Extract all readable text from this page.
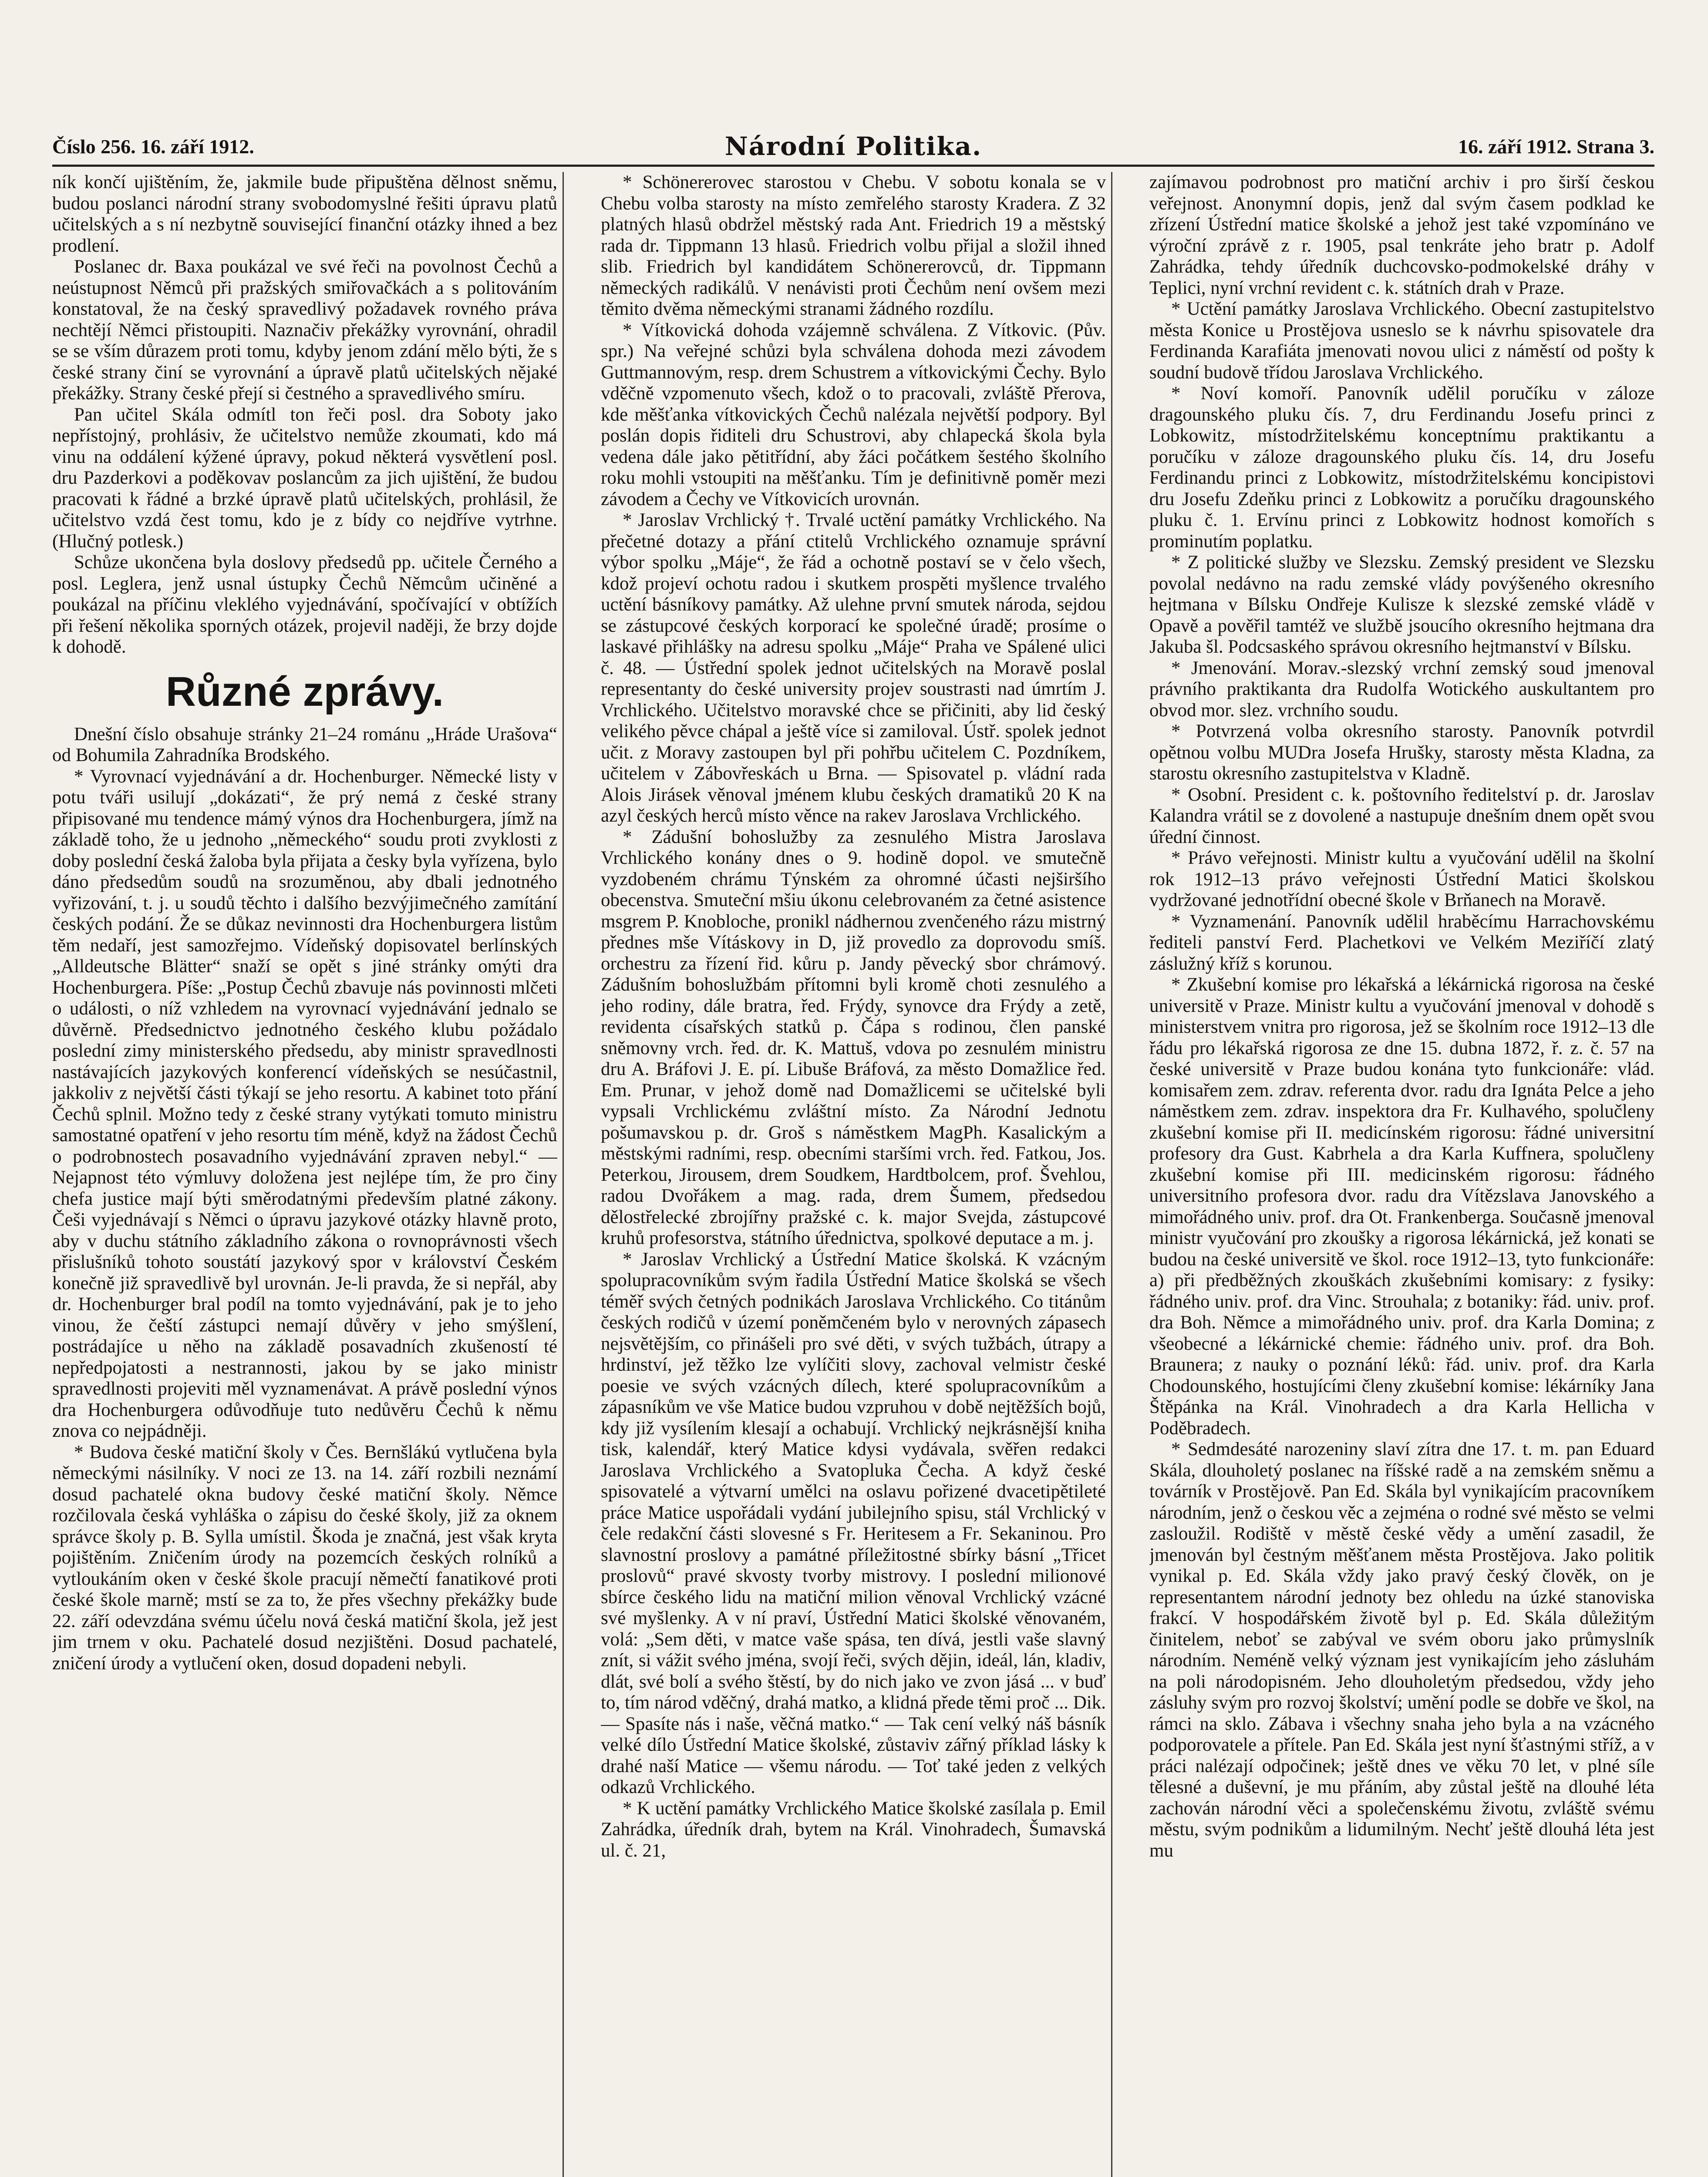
Číslo 256. 16. září 1912.	Národní Politika.	16. září 1912. Strana 3.

ník končí ujištěním, že, jakmile bude připuštěna dělnost sněmu, budou poslanci národní strany svobodomyslné řešiti úpravu platů učitelských a s ní nezbytně související finanční otázky ihned a bez prodlení.

Poslanec dr. Baxa poukázal ve své řeči na povolnost Čechů a neústupnost Němců při pražských smiřovačkách a s politováním konstatoval, že na český spravedlivý požadavek rovného práva nechtějí Němci přistoupiti. Naznačiv překážky vyrovnání, ohradil se se vším důrazem proti tomu, kdyby jenom zdání mělo býti, že s české strany činí se vyrovnání a úpravě platů učitelských nějaké překážky. Strany české přejí si čestného a spravedlivého smíru.

Pan učitel Skála odmítl ton řeči posl. dra Soboty jako nepřístojný, prohlásiv, že učitelstvo nemůže zkoumati, kdo má vinu na oddálení kýžené úpravy, pokud některá vysvětlení posl. dru Pazderkovi a poděkovav poslancům za jich ujištění, že budou pracovati k řádné a brzké úpravě platů učitelských, prohlásil, že učitelstvo vzdá čest tomu, kdo je z bídy co nejdříve vytrhne. (Hlučný potlesk.)

Schůze ukončena byla doslovy předsedů pp. učitele Černého a posl. Leglera, jenž usnal ústupky Čechů Němcům učiněné a poukázal na příčinu vleklého vyjednávání, spočívající v obtížích při řešení několika sporných otázek, projevil naději, že brzy dojde k dohodě.

Různé zprávy.

Dnešní číslo obsahuje stránky 21–24 románu „Hráde Urašova“ od Bohumila Zahradníka Brodského.

* Vyrovnací vyjednávání a dr. Hochenburger. Německé listy v potu tváři usilují „dokázati“, že prý nemá z české strany připisované mu tendence mámý výnos dra Hochenburgera, jímž na základě toho, že u jednoho „německého“ soudu proti zvyklosti z doby poslední česká žaloba byla přijata a česky byla vyřízena, bylo dáno předsedům soudů na srozuměnou, aby dbali jednotného vyřizování, t. j. u soudů těchto i dalšího bezvýjimečného zamítání českých podání. Že se důkaz nevinnosti dra Hochenburgera listům těm nedaří, jest samozřejmo. Vídeňský dopisovatel berlínských „Alldeutsche Blätter“ snaží se opět s jiné stránky omýti dra Hochenburgera. Píše: „Postup Čechů zbavuje nás povinnosti mlčeti o události, o níž vzhledem na vyrovnací vyjednávání jednalo se důvěrně. Předsednictvo jednotného českého klubu požádalo poslední zimy ministerského předsedu, aby ministr spravedlnosti nastávajících jazykových konferencí vídeňských se nesúčastnil, jakkoliv z největší části týkají se jeho resortu. A kabinet toto přání Čechů splnil. Možno tedy z české strany vytýkati tomuto ministru samostatné opatření v jeho resortu tím méně, když na žádost Čechů o podrobnostech posavadního vyjednávání zpraven nebyl.“ — Nejapnost této výmluvy doložena jest nejlépe tím, že pro činy chefa justice mají býti směrodatnými především platné zákony. Češi vyjednávají s Němci o úpravu jazykové otázky hlavně proto, aby v duchu státního základního zákona o rovnoprávnosti všech přislušníků tohoto soustátí jazykový spor v království Českém konečně již spravedlivě byl urovnán. Je-li pravda, že si nepřál, aby dr. Hochenburger bral podíl na tomto vyjednávání, pak je to jeho vinou, že čeští zástupci nemají důvěry v jeho smýšlení, postrádajíce u něho na základě posavadních zkušeností té nepředpojatosti a nestrannosti, jakou by se jako ministr spravedlnosti projeviti měl vyznamenávat. A právě poslední výnos dra Hochenburgera odůvodňuje tuto nedůvěru Čechů k němu znova co nejpádněji.

* Budova české matiční školy v Čes. Bernšlákú vytlučena byla německými násilníky. V noci ze 13. na 14. září rozbili neznámí dosud pachatelé okna budovy české matiční školy. Němce rozčilovala česká vyhláška o zápisu do české školy, již za oknem správce školy p. B. Sylla umístil. Škoda je značná, jest však kryta pojištěním. Zničením úrody na pozemcích českých rolníků a vytloukáním oken v české škole pracují němečtí fanatikové proti české škole marně; mstí se za to, že přes všechny překážky bude 22. září odevzdána svému účelu nová česká matiční škola, jež jest jim trnem v oku. Pachatelé dosud nezjištěni. Dosud pachatelé, zničení úrody a vytlučení oken, dosud dopadeni nebyli.

* Schönererovec starostou v Chebu. V sobotu konala se v Chebu volba starosty na místo zemřelého starosty Kradera. Z 32 platných hlasů obdržel městský rada Ant. Friedrich 19 a městský rada dr. Tippmann 13 hlasů. Friedrich volbu přijal a složil ihned slib. Friedrich byl kandidátem Schönererovců, dr. Tippmann německých radikálů. V nenávisti proti Čechům není ovšem mezi těmito dvěma německými stranami žádného rozdílu.

* Vítkovická dohoda vzájemně schválena. Z Vítkovic. (Pův. spr.) Na veřejné schůzi byla schválena dohoda mezi závodem Guttmannovým, resp. drem Schustrem a vítkovickými Čechy. Bylo vděčně vzpomenuto všech, kdož o to pracovali, zvláště Přerova, kde měšťanka vítkovických Čechů nalézala největší podpory. Byl poslán dopis řiditeli dru Schustrovi, aby chlapecká škola byla vedena dále jako pětitřídní, aby žáci počátkem šestého školního roku mohli vstoupiti na měšťanku. Tím je definitivně poměr mezi závodem a Čechy ve Vítkovicích urovnán.

* Jaroslav Vrchlický †. Trvalé uctění památky Vrchlického. Na přečetné dotazy a přání ctitelů Vrchlického oznamuje správní výbor spolku „Máje“, že řád a ochotně postaví se v čelo všech, kdož projeví ochotu radou i skutkem prospěti myšlence trvalého uctění básníkovy památky. Až ulehne první smutek národa, sejdou se zástupcové českých korporací ke společné úradě; prosíme o laskavé přihlášky na adresu spolku „Máje“ Praha ve Spálené ulici č. 48. — Ústřední spolek jednot učitelských na Moravě poslal representanty do české university projev soustrasti nad úmrtím J. Vrchlického. Učitelstvo moravské chce se přičiniti, aby lid český velikého pěvce chápal a ještě více si zamiloval. Ústř. spolek jednot učit. z Moravy zastoupen byl při pohřbu učitelem C. Pozdníkem, učitelem v Zábovřeskách u Brna. — Spisovatel p. vládní rada Alois Jirásek věnoval jménem klubu českých dramatiků 20 K na azyl českých herců místo věnce na rakev Jaroslava Vrchlického.

* Zádušní bohoslužby za zesnulého Mistra Jaroslava Vrchlického konány dnes o 9. hodině dopol. ve smutečně vyzdobeném chrámu Týnském za ohromné účasti nejširšího obecenstva. Smuteční mšiu úkonu celebrovaném za četné asistence msgrem P. Knobloche, pronikl nádhernou zvenčeného rázu mistrný přednes mše Vításkovy in D, již provedlo za doprovodu smíš. orchestru za řízení řid. kůru p. Jandy pěvecký sbor chrámový. Zádušním bohoslužbám přítomni byli kromě choti zesnulého a jeho rodiny, dále bratra, řed. Frýdy, synovce dra Frýdy a zetě, revidenta císařských statků p. Čápa s rodinou, člen panské sněmovny vrch. řed. dr. K. Mattuš, vdova po zesnulém ministru dru A. Bráfovi J. E. pí. Libuše Bráfová, za město Domažlice řed. Em. Prunar, v jehož domě nad Domažlicemi se učitelské byli vypsali Vrchlickému zvláštní místo. Za Národní Jednotu pošumavskou p. dr. Groš s náměstkem MagPh. Kasalickým a městskými radními, resp. obecními staršími vrch. řed. Fatkou, Jos. Peterkou, Jirousem, drem Soudkem, Hardtbolcem, prof. Švehlou, radou Dvořákem a mag. rada, drem Šumem, předsedou dělostřelecké zbrojířny pražské c. k. major Svejda, zástupcové kruhů profesorstva, státního úřednictva, spolkové deputace a m. j.

* Jaroslav Vrchlický a Ústřední Matice školská. K vzácným spolupracovníkům svým řadila Ústřední Matice školská se všech téměř svých četných podnikách Jaroslava Vrchlického. Co titánům českých rodičů v území poněmčeném bylo v nerovných zápasech nejsvětějším, co přinášeli pro své děti, v svých tužbách, útrapy a hrdinství, jež těžko lze vylíčiti slovy, zachoval velmistr české poesie ve svých vzácných dílech, které spolupracovníkům a zápasníkům ve vše Matice budou vzpruhou v době nejtěžších bojů, kdy již vysílením klesají a ochabují. Vrchlický nejkrásnější kniha tisk, kalendář, který Matice kdysi vydávala, svěřen redakci Jaroslava Vrchlického a Svatopluka Čecha. A když české spisovatelé a výtvarní umělci na oslavu pořizené dvacetipětileté práce Matice uspořádali vydání jubilejního spisu, stál Vrchlický v čele redakční části slovesné s Fr. Heritesem a Fr. Sekaninou. Pro slavnostní proslovy a památné příležitostné sbírky básní „Třicet proslovů“ pravé skvosty tvorby mistrovy. I poslední milionové sbírce českého lidu na matiční milion věnoval Vrchlický vzácné své myšlenky. A v ní praví, Ústřední Matici školské věnovaném, volá: „Sem děti, v matce vaše spása, ten dívá, jestli vaše slavný znít, si vážit svého jména, svojí řeči, svých dějin, ideál, lán, kladiv, dlát, své bolí a svého štěstí, by do nich jako ve zvon jásá ... v buď to, tím národ vděčný, drahá matko, a klidná přede těmi proč ... Dik. — Spasíte nás i naše, věčná matko.“ — Tak cení velký náš básník velké dílo Ústřední Matice školské, zůstaviv zářný příklad lásky k drahé naší Matice — všemu národu. — Toť také jeden z velkých odkazů Vrchlického.

* K uctění památky Vrchlického Matice školské zasílala p. Emil Zahrádka, úředník drah, bytem na Král. Vinohradech, Šumavská ul. č. 21,

zajímavou podrobnost pro matiční archiv i pro širší českou veřejnost. Anonymní dopis, jenž dal svým časem podklad ke zřízení Ústřední matice školské a jehož jest také vzpomínáno ve výroční zprávě z r. 1905, psal tenkráte jeho bratr p. Adolf Zahrádka, tehdy úředník duchcovsko-podmokelské dráhy v Teplici, nyní vrchní revident c. k. státních drah v Praze.

* Uctění památky Jaroslava Vrchlického. Obecní zastupitelstvo města Konice u Prostějova usneslo se k návrhu spisovatele dra Ferdinanda Karafiáta jmenovati novou ulici z náměstí od pošty k soudní budově třídou Jaroslava Vrchlického.

* Noví komoří. Panovník udělil poručíku v záloze dragounského pluku čís. 7, dru Ferdinandu Josefu princi z Lobkowitz, místodržitelskému konceptnímu praktikantu a poručíku v záloze dragounského pluku čís. 14, dru Josefu Ferdinandu princi z Lobkowitz, místodržitelskému koncipistovi dru Josefu Zdeňku princi z Lobkowitz a poručíku dragounského pluku č. 1. Ervínu princi z Lobkowitz hodnost komořích s prominutím poplatku.

* Z politické služby ve Slezsku. Zemský president ve Slezsku povolal nedávno na radu zemské vlády povýšeného okresního hejtmana v Bílsku Ondřeje Kulisze k slezské zemské vládě v Opavě a pověřil tamtéž ve službě jsoucího okresního hejtmana dra Jakuba šl. Podcsaského správou okresního hejtmanství v Bílsku.

* Jmenování. Morav.-slezský vrchní zemský soud jmenoval právního praktikanta dra Rudolfa Wotického auskultantem pro obvod mor. slez. vrchního soudu.

* Potvrzená volba okresního starosty. Panovník potvrdil opětnou volbu MUDra Josefa Hrušky, starosty města Kladna, za starostu okresního zastupitelstva v Kladně.

* Osobní. President c. k. poštovního ředitelství p. dr. Jaroslav Kalandra vrátil se z dovolené a nastupuje dnešním dnem opět svou úřední činnost.

* Právo veřejnosti. Ministr kultu a vyučování udělil na školní rok 1912–13 právo veřejnosti Ústřední Matici školskou vydržované jednotřídní obecné škole v Brňanech na Moravě.

* Vyznamenání. Panovník udělil hraběcímu Harrachovskému řediteli panství Ferd. Plachetkovi ve Velkém Meziříčí zlatý záslužný kříž s korunou.

* Zkušební komise pro lékařská a lékárnická rigorosa na české universitě v Praze. Ministr kultu a vyučování jmenoval v dohodě s ministerstvem vnitra pro rigorosa, jež se školním roce 1912–13 dle řádu pro lékařská rigorosa ze dne 15. dubna 1872, ř. z. č. 57 na české universitě v Praze budou konána tyto funkcionáře: vlád. komisařem zem. zdrav. referenta dvor. radu dra Ignáta Pelce a jeho náměstkem zem. zdrav. inspektora dra Fr. Kulhavého, spolučleny zkušební komise při II. medicínském rigorosu: řádné universitní profesory dra Gust. Kabrhela a dra Karla Kuffnera, spolučleny zkušební komise při III. medicinském rigorosu: řádného universitního profesora dvor. radu dra Vítězslava Janovského a mimořádného univ. prof. dra Ot. Frankenberga. Současně jmenoval ministr vyučování pro zkoušky a rigorosa lékárnická, jež konati se budou na české universitě ve škol. roce 1912–13, tyto funkcionáře: a) při předběžných zkouškách zkušebními komisary: z fysiky: řádného univ. prof. dra Vinc. Strouhala; z botaniky: řád. univ. prof. dra Boh. Němce a mimořádného univ. prof. dra Karla Domina; z všeobecné a lékárnické chemie: řádného univ. prof. dra Boh. Braunera; z nauky o poznání léků: řád. univ. prof. dra Karla Chodounského, hostujícími členy zkušební komise: lékárníky Jana Štěpánka na Král. Vinohradech a dra Karla Hellicha v Poděbradech.

* Sedmdesáté narozeniny slaví zítra dne 17. t. m. pan Eduard Skála, dlouholetý poslanec na říšské radě a na zemském sněmu a továrník v Prostějově. Pan Ed. Skála byl vynikajícím pracovníkem národním, jenž o českou věc a zejména o rodné své město se velmi zasloužil. Rodiště v městě české vědy a umění zasadil, že jmenován byl čestným měšťanem města Prostějova. Jako politik vynikal p. Ed. Skála vždy jako pravý český člověk, on je representantem národní jednoty bez ohledu na úzké stanoviska frakcí. V hospodářském životě byl p. Ed. Skála důležitým činitelem, neboť se zabýval ve svém oboru jako průmyslník národním. Neméně velký význam jest vynikajícím jeho zásluhám na poli národopisném. Jeho dlouholetým předsedou, vždy jeho zásluhy svým pro rozvoj školství; umění podle se dobře ve škol, na rámci na sklo. Zábava i všechny snaha jeho byla a na vzácného podporovatele a přítele. Pan Ed. Skála jest nyní šťastnými stříž, a v práci nalézají odpočinek; ještě dnes ve věku 70 let, v plné síle tělesné a duševní, je mu přáním, aby zůstal ještě na dlouhé léta zachován národní věci a společenskému životu, zvláště svému městu, svým podnikům a lidumilným. Nechť ještě dlouhá léta jest mu
